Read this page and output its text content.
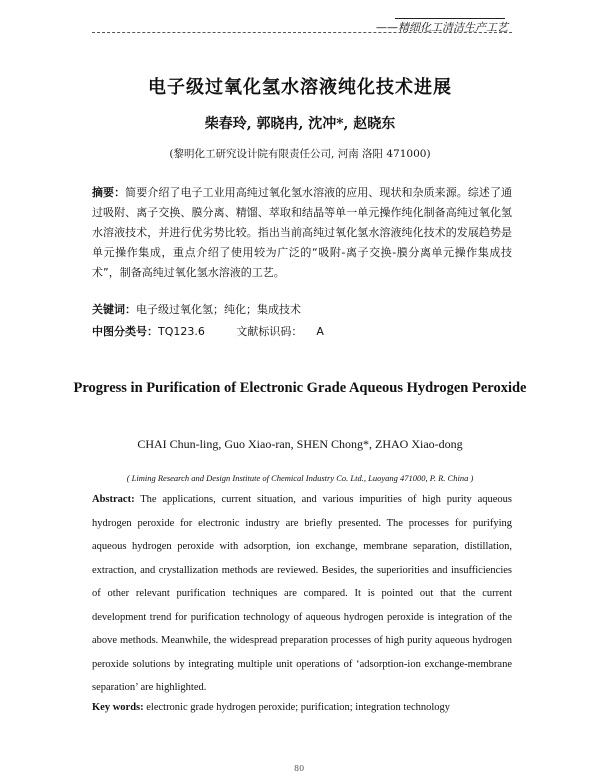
——精细化工清洁生产工艺
电子级过氧化氢水溶液纯化技术进展
柴春玲, 郭晓冉, 沈冲*, 赵晓东
(黎明化工研究设计院有限责任公司, 河南 洛阳 471000)
摘要：简要介绍了电子工业用高纯过氧化氢水溶液的应用、现状和杂质来源。综述了通过吸附、离子交换、膜分离、精馏、萃取和结晶等单一单元操作纯化制备高纯过氧化氢水溶液技术，并进行优劣势比较。指出当前高纯过氧化氢水溶液纯化技术的发展趋势是单元操作集成，重点介绍了使用较为广泛的“吸附-离子交换-膜分离单元操作集成技术”，制备高纯过氧化氢水溶液的工艺。
关键词：电子级过氧化氢；纯化；集成技术
中图分类号：TQ123.6	文献标识码： A
Progress in Purification of Electronic Grade Aqueous Hydrogen Peroxide
CHAI Chun-ling, Guo Xiao-ran, SHEN Chong*, ZHAO Xiao-dong
( Liming Research and Design Institute of Chemical Industry Co. Ltd., Luoyang 471000, P. R. China )
Abstract: The applications, current situation, and various impurities of high purity aqueous hydrogen peroxide for electronic industry are briefly presented. The processes for purifying aqueous hydrogen peroxide with adsorption, ion exchange, membrane separation, distillation, extraction, and crystallization methods are reviewed. Besides, the superiorities and insufficiencies of other relevant purification techniques are compared. It is pointed out that the current development trend for purification technology of aqueous hydrogen peroxide is integration of the above methods. Meanwhile, the widespread preparation processes of high purity aqueous hydrogen peroxide solutions by integrating multiple unit operations of ‘adsorption-ion exchange-membrane separation’ are highlighted.
Key words: electronic grade hydrogen peroxide; purification; integration technology
80
